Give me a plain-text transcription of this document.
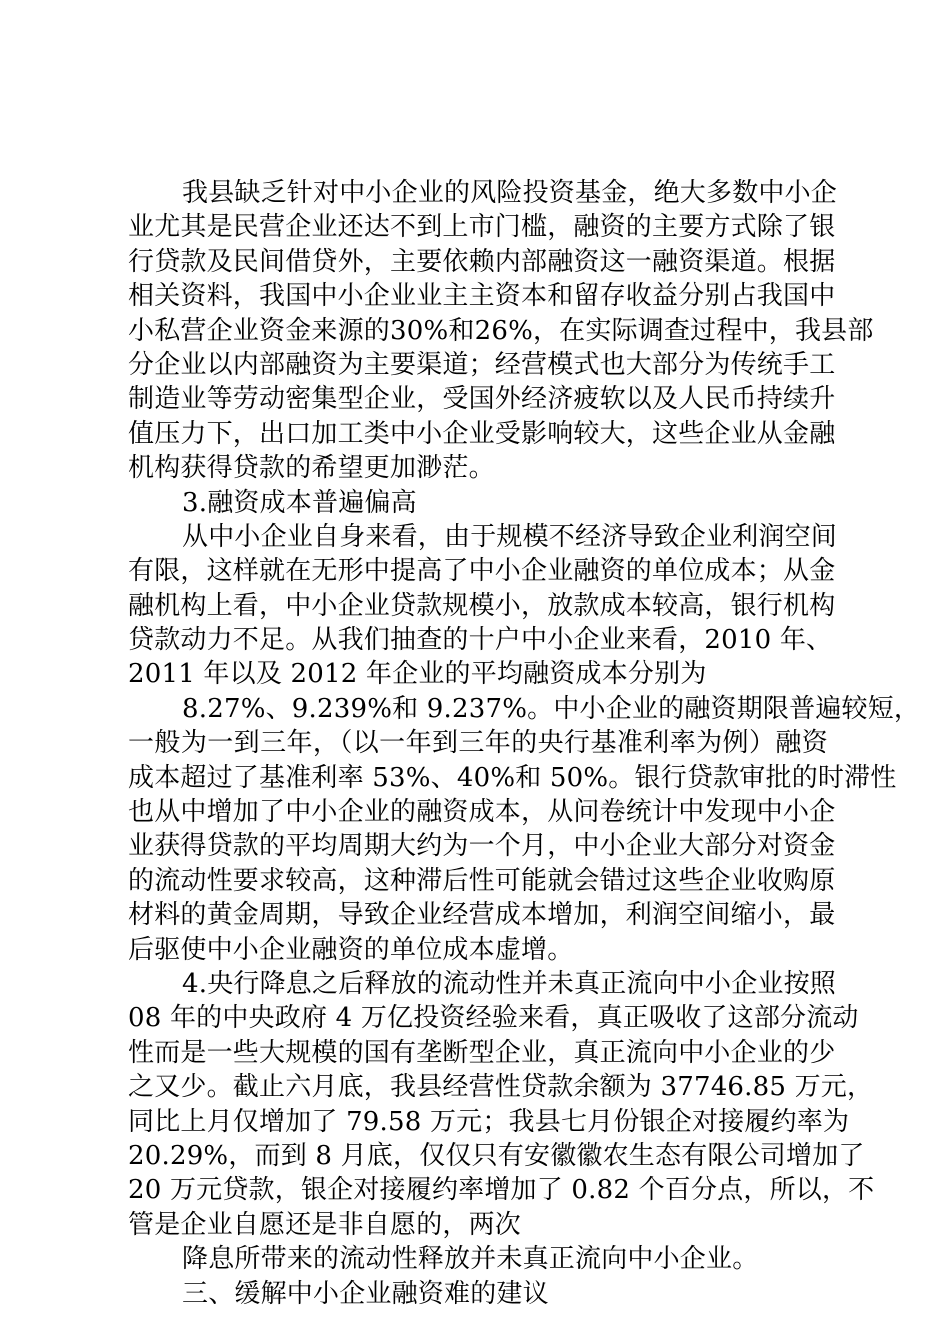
我县缺乏针对中小企业的风险投资基金，绝大多数中小企
业尤其是民营企业还达不到上市门槛，融资的主要方式除了银
行贷款及民间借贷外，主要依赖内部融资这一融资渠道。根据
相关资料，我国中小企业业主主资本和留存收益分别占我国中
小私营企业资金来源的30%和26%，在实际调查过程中，我县部
分企业以内部融资为主要渠道；经营模式也大部分为传统手工
制造业等劳动密集型企业，受国外经济疲软以及人民币持续升
值压力下，出口加工类中小企业受影响较大，这些企业从金融
机构获得贷款的希望更加渺茫。
3.融资成本普遍偏高
从中小企业自身来看，由于规模不经济导致企业利润空间
有限，这样就在无形中提高了中小企业融资的单位成本；从金
融机构上看，中小企业贷款规模小，放款成本较高，银行机构
贷款动力不足。从我们抽查的十户中小企业来看，2010 年、
2011 年以及 2012 年企业的平均融资成本分别为
8.27%、9.239%和 9.237%。中小企业的融资期限普遍较短，
一般为一到三年，（以一年到三年的央行基准利率为例）融资
成本超过了基准利率 53%、40%和 50%。银行贷款审批的时滞性
也从中增加了中小企业的融资成本，从问卷统计中发现中小企
业获得贷款的平均周期大约为一个月，中小企业大部分对资金
的流动性要求较高，这种滞后性可能就会错过这些企业收购原
材料的黄金周期，导致企业经营成本增加，利润空间缩小，最
后驱使中小企业融资的单位成本虚增。
4.央行降息之后释放的流动性并未真正流向中小企业按照
08 年的中央政府 4 万亿投资经验来看，真正吸收了这部分流动
性而是一些大规模的国有垄断型企业，真正流向中小企业的少
之又少。截止六月底，我县经营性贷款余额为 37746.85 万元，
同比上月仅增加了 79.58 万元；我县七月份银企对接履约率为
20.29%，而到 8 月底，仅仅只有安徽徽农生态有限公司增加了
20 万元贷款，银企对接履约率增加了 0.82 个百分点，所以，不
管是企业自愿还是非自愿的，两次
降息所带来的流动性释放并未真正流向中小企业。
三、缓解中小企业融资难的建议
